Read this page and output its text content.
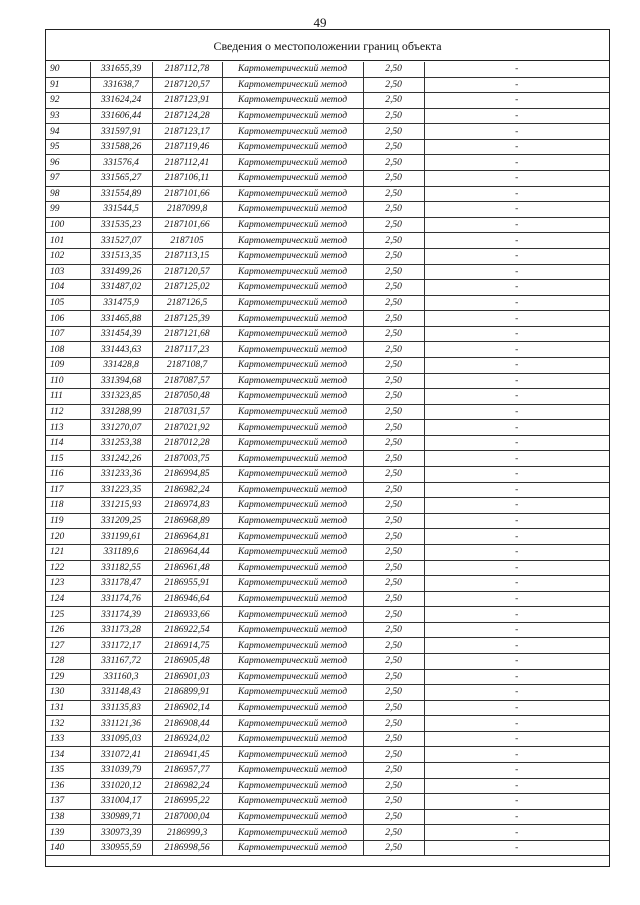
49
Сведения о местоположении границ объекта
90	331655,39	2187112,78	Картометрический метод	2,50	-
91	331638,7	2187120,57	Картометрический метод	2,50	-
92	331624,24	2187123,91	Картометрический метод	2,50	-
93	331606,44	2187124,28	Картометрический метод	2,50	-
94	331597,91	2187123,17	Картометрический метод	2,50	-
95	331588,26	2187119,46	Картометрический метод	2,50	-
96	331576,4	2187112,41	Картометрический метод	2,50	-
97	331565,27	2187106,11	Картометрический метод	2,50	-
98	331554,89	2187101,66	Картометрический метод	2,50	-
99	331544,5	2187099,8	Картометрический метод	2,50	-
100	331535,23	2187101,66	Картометрический метод	2,50	-
101	331527,07	2187105	Картометрический метод	2,50	-
102	331513,35	2187113,15	Картометрический метод	2,50	-
103	331499,26	2187120,57	Картометрический метод	2,50	-
104	331487,02	2187125,02	Картометрический метод	2,50	-
105	331475,9	2187126,5	Картометрический метод	2,50	-
106	331465,88	2187125,39	Картометрический метод	2,50	-
107	331454,39	2187121,68	Картометрический метод	2,50	-
108	331443,63	2187117,23	Картометрический метод	2,50	-
109	331428,8	2187108,7	Картометрический метод	2,50	-
110	331394,68	2187087,57	Картометрический метод	2,50	-
111	331323,85	2187050,48	Картометрический метод	2,50	-
112	331288,99	2187031,57	Картометрический метод	2,50	-
113	331270,07	2187021,92	Картометрический метод	2,50	-
114	331253,38	2187012,28	Картометрический метод	2,50	-
115	331242,26	2187003,75	Картометрический метод	2,50	-
116	331233,36	2186994,85	Картометрический метод	2,50	-
117	331223,35	2186982,24	Картометрический метод	2,50	-
118	331215,93	2186974,83	Картометрический метод	2,50	-
119	331209,25	2186968,89	Картометрический метод	2,50	-
120	331199,61	2186964,81	Картометрический метод	2,50	-
121	331189,6	2186964,44	Картометрический метод	2,50	-
122	331182,55	2186961,48	Картометрический метод	2,50	-
123	331178,47	2186955,91	Картометрический метод	2,50	-
124	331174,76	2186946,64	Картометрический метод	2,50	-
125	331174,39	2186933,66	Картометрический метод	2,50	-
126	331173,28	2186922,54	Картометрический метод	2,50	-
127	331172,17	2186914,75	Картометрический метод	2,50	-
128	331167,72	2186905,48	Картометрический метод	2,50	-
129	331160,3	2186901,03	Картометрический метод	2,50	-
130	331148,43	2186899,91	Картометрический метод	2,50	-
131	331135,83	2186902,14	Картометрический метод	2,50	-
132	331121,36	2186908,44	Картометрический метод	2,50	-
133	331095,03	2186924,02	Картометрический метод	2,50	-
134	331072,41	2186941,45	Картометрический метод	2,50	-
135	331039,79	2186957,77	Картометрический метод	2,50	-
136	331020,12	2186982,24	Картометрический метод	2,50	-
137	331004,17	2186995,22	Картометрический метод	2,50	-
138	330989,71	2187000,04	Картометрический метод	2,50	-
139	330973,39	2186999,3	Картометрический метод	2,50	-
140	330955,59	2186998,56	Картометрический метод	2,50	-
